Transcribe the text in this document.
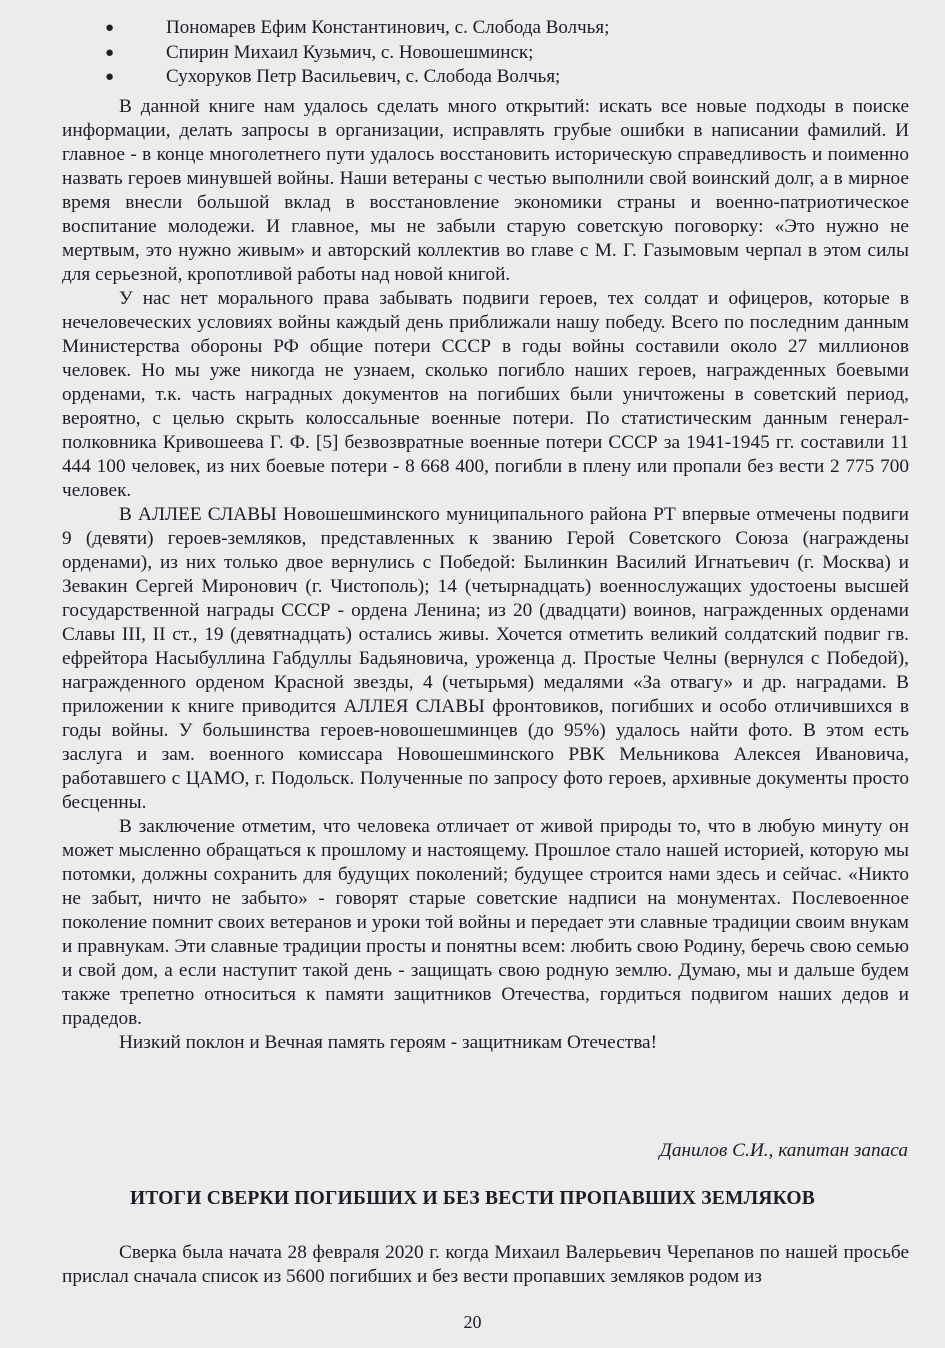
●	Пономарев Ефим Константинович, с. Слобода Волчья;
●	Спирин Михаил Кузьмич, с. Новошешминск;
●	Сухоруков Петр Васильевич, с. Слобода Волчья;

В данной книге нам удалось сделать много открытий: искать все новые подходы в поиске информации, делать запросы в организации, исправлять грубые ошибки в написании фамилий. И главное - в конце многолетнего пути удалось восстановить историческую справедливость и поименно назвать героев минувшей войны. Наши ветераны с честью выполнили свой воинский долг, а в мирное время внесли большой вклад в восстановление экономики страны и военно-патриотическое воспитание молодежи. И главное, мы не забыли старую советскую поговорку: «Это нужно не мертвым, это нужно живым» и авторский коллектив во главе с М. Г. Газымовым черпал в этом силы для серьезной, кропотливой работы над новой книгой.

У нас нет морального права забывать подвиги героев, тех солдат и офицеров, которые в нечеловеческих условиях войны каждый день приближали нашу победу. Всего по последним данным Министерства обороны РФ общие потери СССР в годы войны составили около 27 миллионов человек. Но мы уже никогда не узнаем, сколько погибло наших героев, награжденных боевыми орденами, т.к. часть наградных документов на погибших были уничтожены в советский период, вероятно, с целью скрыть колоссальные военные потери. По статистическим данным генерал-полковника Кривошеева Г. Ф. [5] безвозвратные военные потери СССР за 1941-1945 гг. составили 11 444 100 человек, из них боевые потери - 8 668 400, погибли в плену или пропали без вести 2 775 700 человек.

В АЛЛЕЕ СЛАВЫ Новошешминского муниципального района РТ впервые отмечены подвиги 9 (девяти) героев-земляков, представленных к званию Герой Советского Союза (награждены орденами), из них только двое вернулись с Победой: Былинкин Василий Игнатьевич (г. Москва) и Зевакин Сергей Миронович (г. Чистополь); 14 (четырнадцать) военнослужащих удостоены высшей государственной награды СССР - ордена Ленина; из 20 (двадцати) воинов, награжденных орденами Славы III, II ст., 19 (девятнадцать) остались живы. Хочется отметить великий солдатский подвиг гв. ефрейтора Насыбуллина Габдуллы Бадьяновича, уроженца д. Простые Челны (вернулся с Победой), награжденного орденом Красной звезды, 4 (четырьмя) медалями «За отвагу» и др. наградами. В приложении к книге приводится АЛЛЕЯ СЛАВЫ фронтовиков, погибших и особо отличившихся в годы войны. У большинства героев-новошешминцев (до 95%) удалось найти фото. В этом есть заслуга и зам. военного комиссара Новошешминского РВК Мельникова Алексея Ивановича, работавшего с ЦАМО, г. Подольск. Полученные по запросу фото героев, архивные документы просто бесценны.

В заключение отметим, что человека отличает от живой природы то, что в любую минуту он может мысленно обращаться к прошлому и настоящему. Прошлое стало нашей историей, которую мы потомки, должны сохранить для будущих поколений; будущее строится нами здесь и сейчас. «Никто не забыт, ничто не забыто» - говорят старые советские надписи на монументах. Послевоенное поколение помнит своих ветеранов и уроки той войны и передает эти славные традиции своим внукам и правнукам. Эти славные традиции просты и понятны всем: любить свою Родину, беречь свою семью и свой дом, а если наступит такой день - защищать свою родную землю. Думаю, мы и дальше будем также трепетно относиться к памяти защитников Отечества, гордиться подвигом наших дедов и прадедов.

Низкий поклон и Вечная память героям - защитникам Отечества!

Данилов С.И., капитан запаса
ИТОГИ СВЕРКИ ПОГИБШИХ И БЕЗ ВЕСТИ ПРОПАВШИХ ЗЕМЛЯКОВ

Сверка была начата 28 февраля 2020 г. когда Михаил Валерьевич Черепанов по нашей просьбе прислал сначала список из 5600 погибших и без вести пропавших земляков родом из

20
